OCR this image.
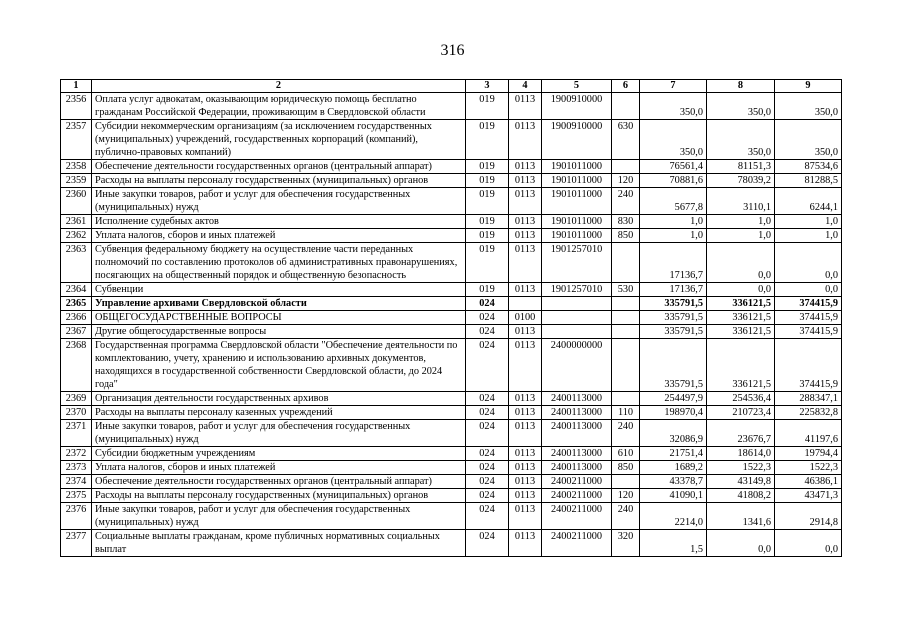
316
1	2	3	4	5	6	7	8	9
2356	Оплата услуг адвокатам, оказывающим юридическую помощь бесплатно гражданам Российской Федерации, проживающим в Свердловской области	019	0113	1900910000		350,0	350,0	350,0
2357	Субсидии некоммерческим организациям (за исключением государственных (муниципальных) учреждений, государственных корпораций (компаний), публично-правовых компаний)	019	0113	1900910000	630	350,0	350,0	350,0
2358	Обеспечение деятельности государственных органов (центральный аппарат)	019	0113	1901011000		76561,4	81151,3	87534,6
2359	Расходы на выплаты персоналу государственных (муниципальных) органов	019	0113	1901011000	120	70881,6	78039,2	81288,5
2360	Иные закупки товаров, работ и услуг для обеспечения государственных (муниципальных) нужд	019	0113	1901011000	240	5677,8	3110,1	6244,1
2361	Исполнение судебных актов	019	0113	1901011000	830	1,0	1,0	1,0
2362	Уплата налогов, сборов и иных платежей	019	0113	1901011000	850	1,0	1,0	1,0
2363	Субвенция федеральному бюджету на осуществление части переданных полномочий по составлению протоколов об административных правонарушениях, посягающих на общественный порядок и общественную безопасность	019	0113	1901257010		17136,7	0,0	0,0
2364	Субвенции	019	0113	1901257010	530	17136,7	0,0	0,0
2365	Управление архивами Свердловской области	024				335791,5	336121,5	374415,9
2366	ОБЩЕГОСУДАРСТВЕННЫЕ ВОПРОСЫ	024	0100			335791,5	336121,5	374415,9
2367	Другие общегосударственные вопросы	024	0113			335791,5	336121,5	374415,9
2368	Государственная программа Свердловской области "Обеспечение деятельности по комплектованию, учету, хранению и использованию архивных документов, находящихся в государственной собственности Свердловской области, до 2024 года"	024	0113	2400000000		335791,5	336121,5	374415,9
2369	Организация деятельности государственных архивов	024	0113	2400113000		254497,9	254536,4	288347,1
2370	Расходы на выплаты персоналу казенных учреждений	024	0113	2400113000	110	198970,4	210723,4	225832,8
2371	Иные закупки товаров, работ и услуг для обеспечения государственных (муниципальных) нужд	024	0113	2400113000	240	32086,9	23676,7	41197,6
2372	Субсидии бюджетным учреждениям	024	0113	2400113000	610	21751,4	18614,0	19794,4
2373	Уплата налогов, сборов и иных платежей	024	0113	2400113000	850	1689,2	1522,3	1522,3
2374	Обеспечение деятельности государственных органов (центральный аппарат)	024	0113	2400211000		43378,7	43149,8	46386,1
2375	Расходы на выплаты персоналу государственных (муниципальных) органов	024	0113	2400211000	120	41090,1	41808,2	43471,3
2376	Иные закупки товаров, работ и услуг для обеспечения государственных (муниципальных) нужд	024	0113	2400211000	240	2214,0	1341,6	2914,8
2377	Социальные выплаты гражданам, кроме публичных нормативных социальных выплат	024	0113	2400211000	320	1,5	0,0	0,0
